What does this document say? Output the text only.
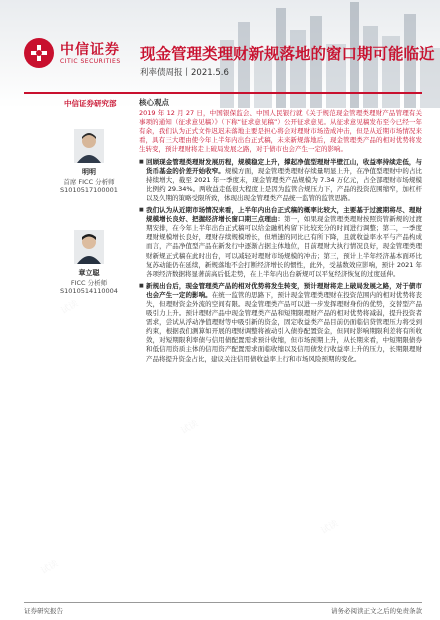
中信证券
CITIC SECURITIES 现金管理类理财新规落地的窗口期可能临近
利率债周报丨2021.5.6
中信证券研究部
明明
首席 FICC 分析师
S1010517100001
章立聪
FICC 分析师
S1010514110004
核心观点

2019 年 12 月 27 日，中国银保监会、中国人民银行就《关于规范现金管理类理财产品管理有关事项的通知（征求意见稿）》（下称“征求意见稿”）公开征求意见。从征求意见稿发布至今已经一年有余，我们认为正式文件迟迟未落地主要是担心将会对理财市场造成冲击，但是从近期市场情况来看，具有三大理由使今年上半年内出台正式稿，未来新规落地后，现金管理类产品的相对优势将发生转变，预计理财将走上破局发展之路，对于债市也会产生一定的影响。

■ 回顾现金管理类理财发展历程，规模稳定上升，撑起净值型理财半壁江山，收益率持续走低，与货币基金的价差开始收窄。规模方面，现金管理类理财存续量明显上升，在净值型理财中的占比持续增大，截至 2021 年一季度末，现金管理类产品规模为 7.34 万亿元，占全部理财市场规模比例约 29.34%。两收益走低很大程度上是因为监管合规压力下，产品的投资范围缩窄，加杠杆以及久期的策略受限所致，体现出现金管理类产品统一监管的监管思路。
■ 我们认为从近期市场情况来看，上半年内出台正式稿的概率比较大，主要基于过渡期将尽、理财规模增长良好、把握经济增长窗口期三点理由：第一，如果现金管理类理财按照资管新规的过渡期安排，在今年上半年出台正式稿可以给金融机构留下比较充分的时间进行调整；第二，一季度理财规模增长良好，理财存续规模增长，但增速的同比已有所下降，且就收益率水平与产品构成而言，产品净值型产品在新发行中逐渐占据主体地位，目前理财大执行情况良好，现金管理类理财新规正式稿在此时出台，可以减轻对理财市场规模的冲击；第三，预计上半年经济基本面环比复苏动能仍在延续，新规落地不会打断经济增长的惯性，此外，受基数效应影响，预计 2021 年各项经济数据将显著前高后低走势，在上半年内出台新规可以平复经济恢复的过度延伸。
■ 新规出台后，现金管理类产品的相对优势将发生转变，预计理财将走上破局发展之路，对于债市也会产生一定的影响。在统一监管的思路下，预计现金管理类理财在投资范围内的相对优势将丧失，但理财资金外流的空间有限。现金管理类产品可以进一步发挥理财身份的优势，交替型产品吸引力上升。预计理财产品中现金管理类产品和短期限理财产品的相对优势将减弱，提升投资者需求，尝试从浮动净值理财等中吸引新的资金，固定收益类产品目前仍面临信贷管理压力将受到约束，根据我们测算如开展的理财调整将被动引入债券配置资金，但同时影响期限利差将有所收敛，对短期限利率债与信用债配置需求预计收缩，但市场预期上升，从长期来看，中短期限债券和低信用资质主体的信用资产配置需求面临收缩以及信用债发行收益率上升的压力，长期限理财产品将提升资金占比，建议关注信用债收益率上行和市场风险预期的变化。
试读
试读
试读
试读
证券研究报告	请务必阅读正文之后的免责条款
